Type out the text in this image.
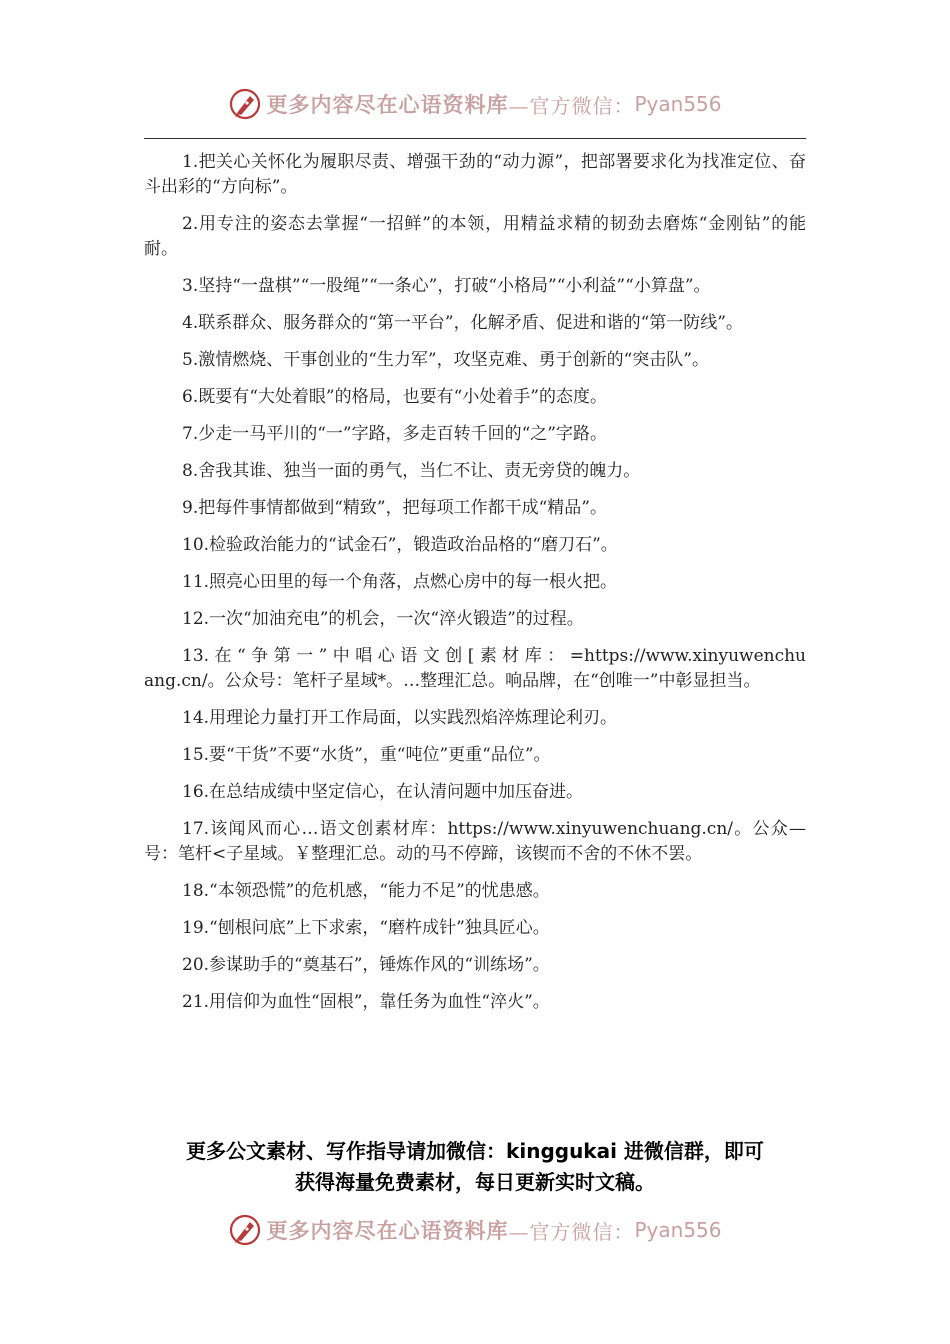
更多内容尽在心语资料库 —官方微信： Pyan556

1.把关心关怀化为履职尽责、增强干劲的“动力源”，把部署要求化为找准定位、奋斗出彩的“方向标”。

2.用专注的姿态去掌握“一招鲜”的本领，用精益求精的韧劲去磨炼“金刚钻”的能耐。

3.坚持“一盘棋”“一股绳”“一条心”，打破“小格局”“小利益”“小算盘”。

4.联系群众、服务群众的“第一平台”，化解矛盾、促进和谐的“第一防线”。

5.激情燃烧、干事创业的“生力军”，攻坚克难、勇于创新的“突击队”。

6.既要有“大处着眼”的格局，也要有“小处着手”的态度。

7.少走一马平川的“一”字路，多走百转千回的“之”字路。

8.舍我其谁、独当一面的勇气，当仁不让、责无旁贷的魄力。

9.把每件事情都做到“精致”，把每项工作都干成“精品”。

10.检验政治能力的“试金石”，锻造政治品格的“磨刀石”。

11.照亮心田里的每一个角落，点燃心房中的每一根火把。

12.一次“加油充电”的机会，一次“淬火锻造”的过程。

13. 在 “ 争 第 一 ” 中 唱 心 语 文 创 [ 素 材 库 ： =https://www.xinyuwenchuang.cn/。公众号：笔杆子星域*。…整理汇总。响品牌，在“创唯一”中彰显担当。

14.用理论力量打开工作局面，以实践烈焰淬炼理论利刃。

15.要“干货”不要“水货”，重“吨位”更重“品位”。

16.在总结成绩中坚定信心，在认清问题中加压奋进。

17.该闻风而心…语文创素材库：https://www.xinyuwenchuang.cn/。公众—号：笔杆<子星域。￥整理汇总。动的马不停蹄，该锲而不舍的不休不罢。

18.“本领恐慌”的危机感，“能力不足”的忧患感。

19.“刨根问底”上下求索，“磨杵成针”独具匠心。

20.参谋助手的“奠基石”，锤炼作风的“训练场”。

21.用信仰为血性“固根”，靠任务为血性“淬火”。

更多公文素材、写作指导请加微信：kinggukai 进微信群，即可
获得海量免费素材，每日更新实时文稿。
更多内容尽在心语资料库 —官方微信： Pyan556
